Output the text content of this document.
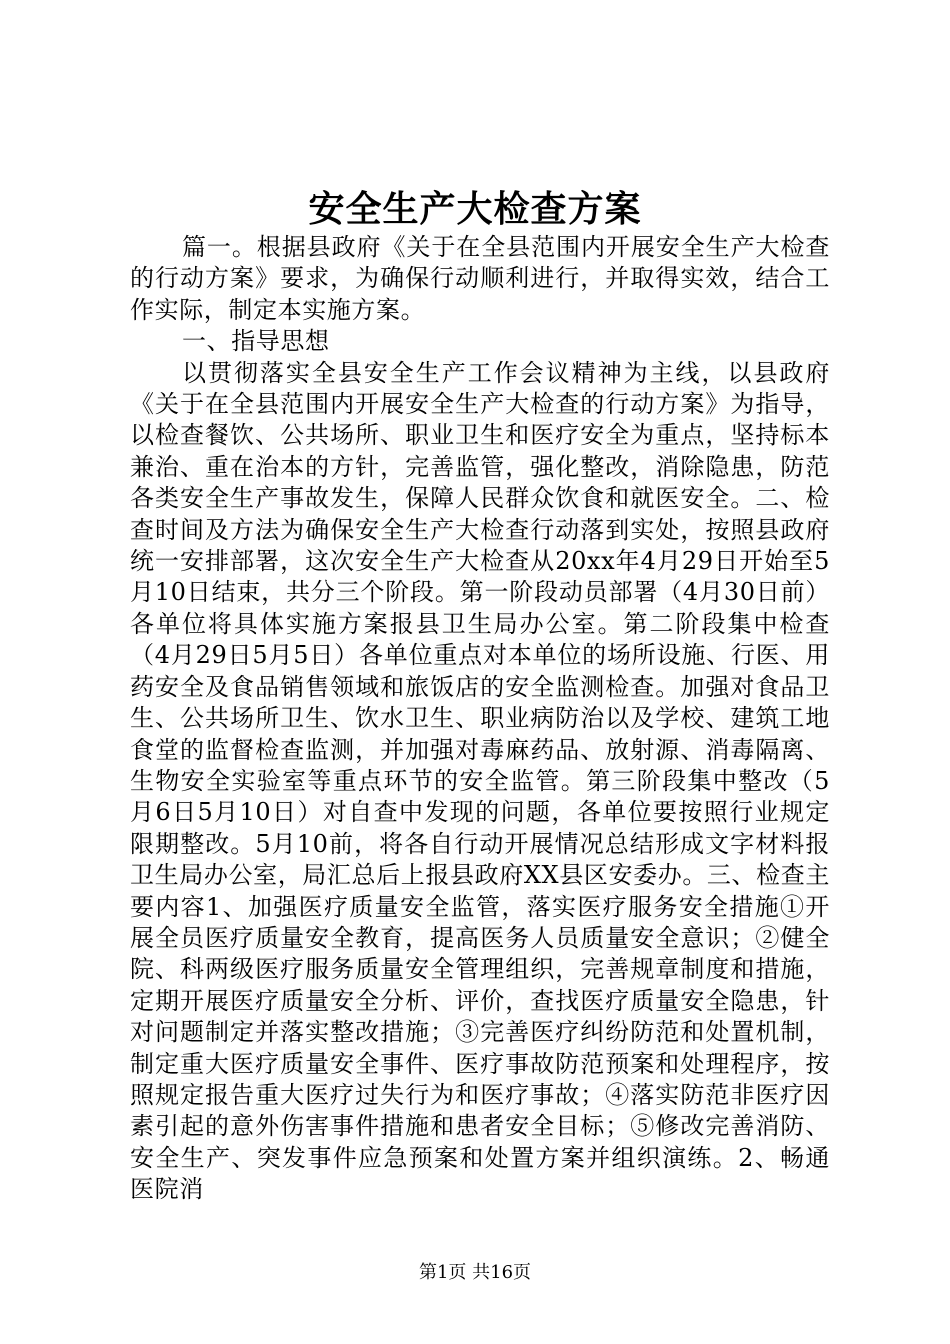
安全生产大检查方案

篇一。根据县政府《关于在全县范围内开展安全生产大检查的行动方案》要求，为确保行动顺利进行，并取得实效，结合工作实际，制定本实施方案。

一、指导思想

以贯彻落实全县安全生产工作会议精神为主线，以县政府《关于在全县范围内开展安全生产大检查的行动方案》为指导，以检查餐饮、公共场所、职业卫生和医疗安全为重点，坚持标本兼治、重在治本的方针，完善监管，强化整改，消除隐患，防范各类安全生产事故发生，保障人民群众饮食和就医安全。二、检查时间及方法为确保安全生产大检查行动落到实处，按照县政府统一安排部署，这次安全生产大检查从20xx年4月29日开始至5月10日结束，共分三个阶段。第一阶段动员部署（4月30日前）各单位将具体实施方案报县卫生局办公室。第二阶段集中检查（4月29日5月5日）各单位重点对本单位的场所设施、行医、用药安全及食品销售领域和旅饭店的安全监测检查。加强对食品卫生、公共场所卫生、饮水卫生、职业病防治以及学校、建筑工地食堂的监督检查监测，并加强对毒麻药品、放射源、消毒隔离、生物安全实验室等重点环节的安全监管。第三阶段集中整改（5月6日5月10日）对自查中发现的问题，各单位要按照行业规定限期整改。5月10前，将各自行动开展情况总结形成文字材料报卫生局办公室，局汇总后上报县政府XX县区安委办。三、检查主要内容1、加强医疗质量安全监管，落实医疗服务安全措施①开展全员医疗质量安全教育，提高医务人员质量安全意识；②健全院、科两级医疗服务质量安全管理组织，完善规章制度和措施，定期开展医疗质量安全分析、评价，查找医疗质量安全隐患，针对问题制定并落实整改措施；③完善医疗纠纷防范和处置机制，制定重大医疗质量安全事件、医疗事故防范预案和处理程序，按照规定报告重大医疗过失行为和医疗事故；④落实防范非医疗因素引起的意外伤害事件措施和患者安全目标；⑤修改完善消防、安全生产、突发事件应急预案和处置方案并组织演练。2、畅通医院消

第1页 共16页
